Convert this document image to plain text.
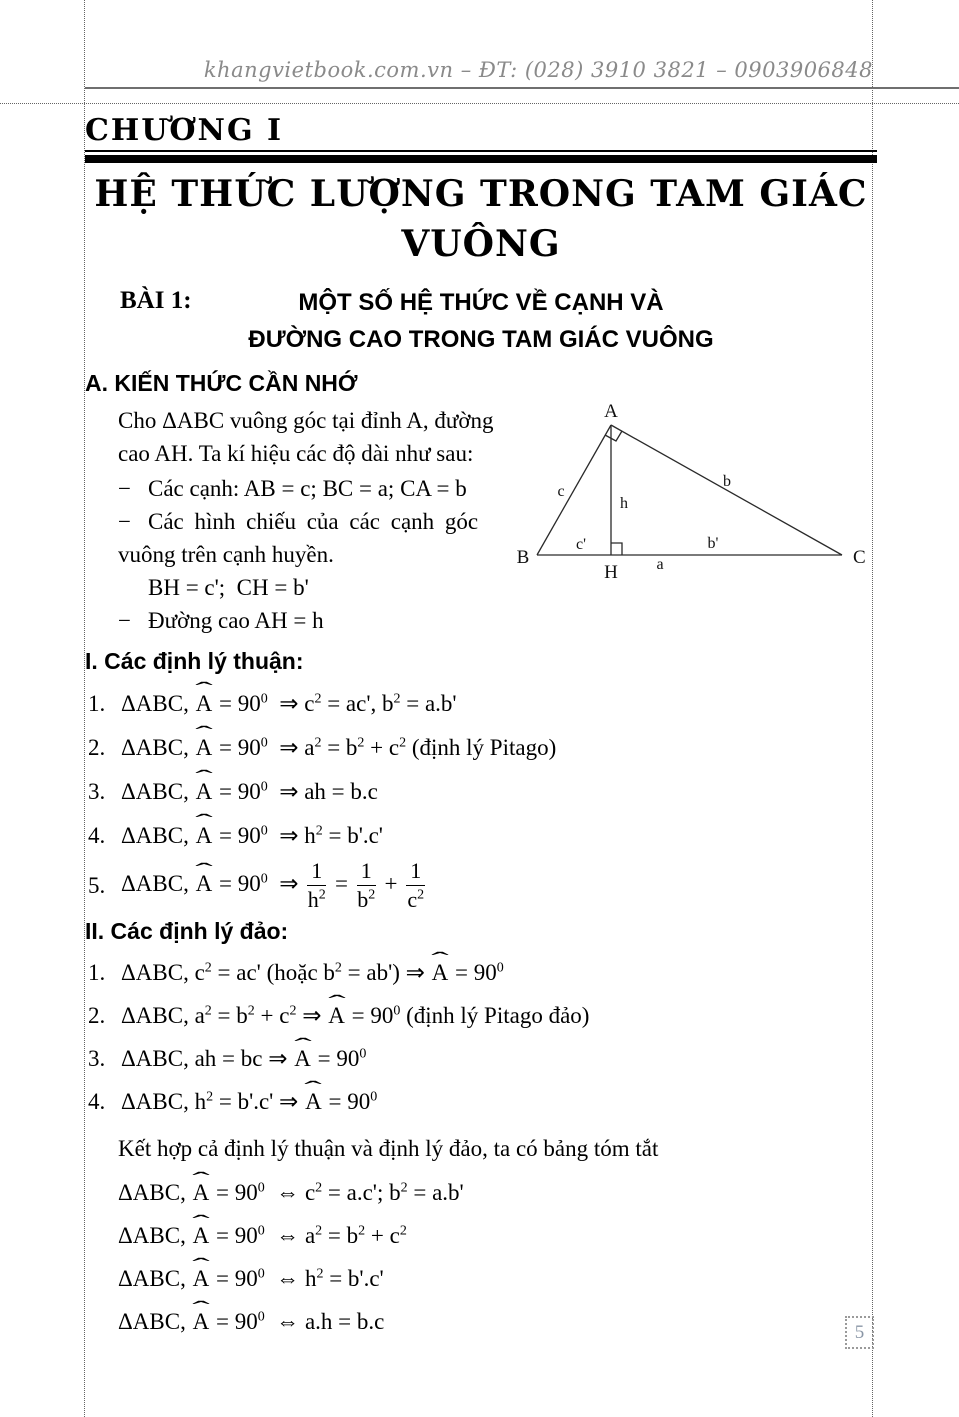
khangvietbook.com.vn – ĐT: (028) 3910 3821 – 0903906848
CHƯƠNG I
HỆ THỨC LƯỢNG TRONG TAM GIÁC VUÔNG
BÀI 1:	MỘT SỐ HỆ THỨC VỀ CẠNH VÀ
ĐƯỜNG CAO TRONG TAM GIÁC VUÔNG
A. KIẾN THỨC CẦN NHỚ
Cho ΔABC vuông góc tại đỉnh A, đường
cao AH. Ta kí hiệu các độ dài như sau:
− Các cạnh: AB = c; BC = a; CA = b
− Các hình chiếu của các cạnh góc
vuông trên cạnh huyền.
BH = c';  CH = b'
− Đường cao AH = h
I. Các định lý thuận:
1. ΔABC, ˆ $A = 90^0$  ⇒ $c^2 = ac'$, $b^2 = a.b'$
2. ΔABC, ˆ $A = 90^0$  ⇒ $a^2 = b^2 + c^2$ (định lý Pitago)
3. ΔABC, ˆ $A = 90^0$  ⇒ ah = b.c
4. ΔABC, ˆ $A = 90^0$  ⇒ $h^2 = b'.c'$
5. ΔABC, ˆ $A = 90^0$  ⇒ $\frac{1}{h^2} = \frac{1}{b^2} + \frac{1}{c^2}$
II. Các định lý đảo:
1. ΔABC, $c^2 = ac'$ (hoặc $b^2 = ab'$) ⇒ ˆ $A = 90^0$
2. ΔABC, $a^2 = b^2 + c^2$ ⇒ ˆ $A = 90^0$ (định lý Pitago đảo)
3. ΔABC, ah = bc ⇒ ˆ $A = 90^0$
4. ΔABC, $h^2 = b'.c'$ ⇒ ˆ $A = 90^0$
Kết hợp cả định lý thuận và định lý đảo, ta có bảng tóm tắt
ΔABC, ˆ $A = 90^0$  ⇔ $c^2 = a.c'$; $b^2 = a.b'$
ΔABC, ˆ $A = 90^0$  ⇔ $a^2 = b^2 + c^2$
ΔABC, ˆ $A = 90^0$  ⇔ $h^2 = b'.c'$
ΔABC, ˆ $A = 90^0$  ⇔ a.h = b.c
A
B	C
H
c
b
h
c'	b'
a
5
